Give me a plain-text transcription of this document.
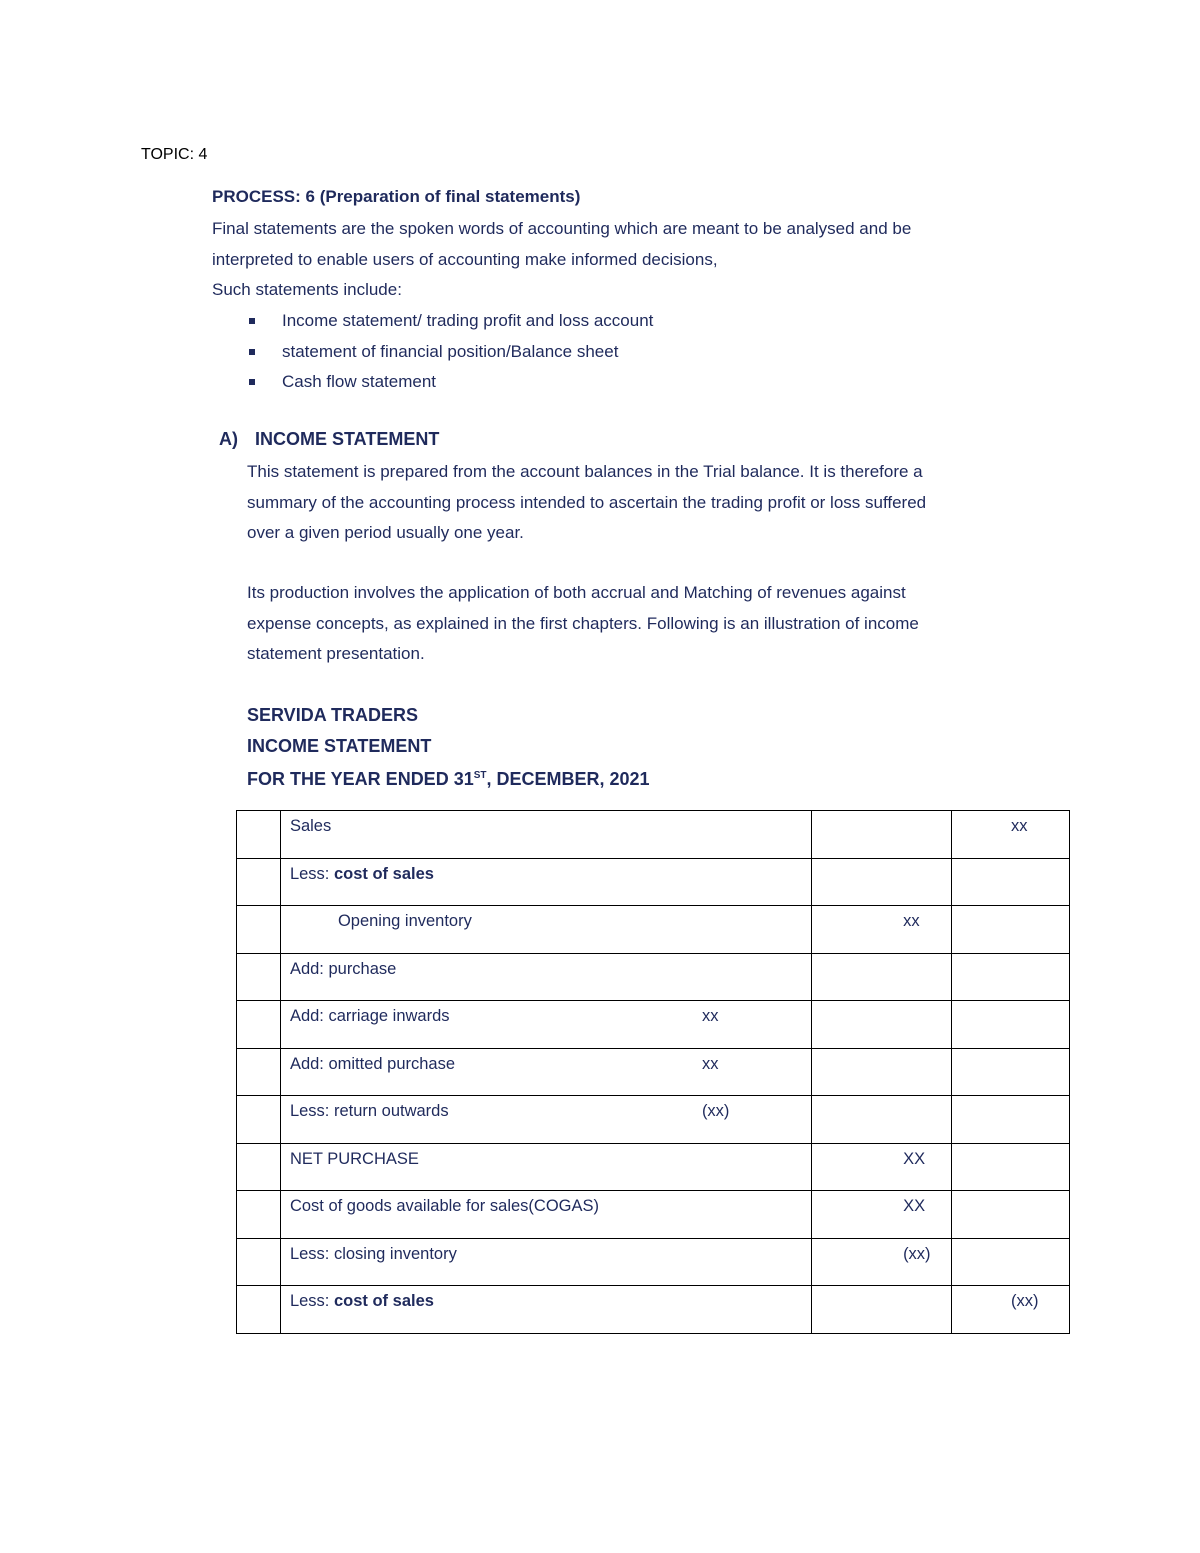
TOPIC: 4
PROCESS: 6 (Preparation of final statements)
Final statements are the spoken words of accounting which are meant to be analysed and be
interpreted to enable users of accounting make informed decisions,
Such statements include:
Income statement/ trading profit and loss account
statement of financial position/Balance sheet
Cash flow statement
A) INCOME STATEMENT
This statement is prepared from the account balances in the Trial balance. It is therefore a
summary of the accounting process intended to ascertain the trading profit or loss suffered
over a given period usually one year.
Its production involves the application of both accrual and Matching of revenues against
expense concepts, as explained in the first chapters. Following is an illustration of income
statement presentation.
SERVIDA TRADERS
INCOME STATEMENT
FOR THE YEAR ENDED 31ST, DECEMBER, 2021
	Sales		xx
	Less: cost of sales		
	Opening inventory	xx	
	Add: purchase		
	Add: carriage inwards xx		

	Add: omitted purchase xx		

	Less: return outwards (xx)		

	NET PURCHASE	XX	
	Cost of goods available for sales(COGAS)	XX	
	Less: closing inventory	(xx)	
	Less: cost of sales		(xx)
